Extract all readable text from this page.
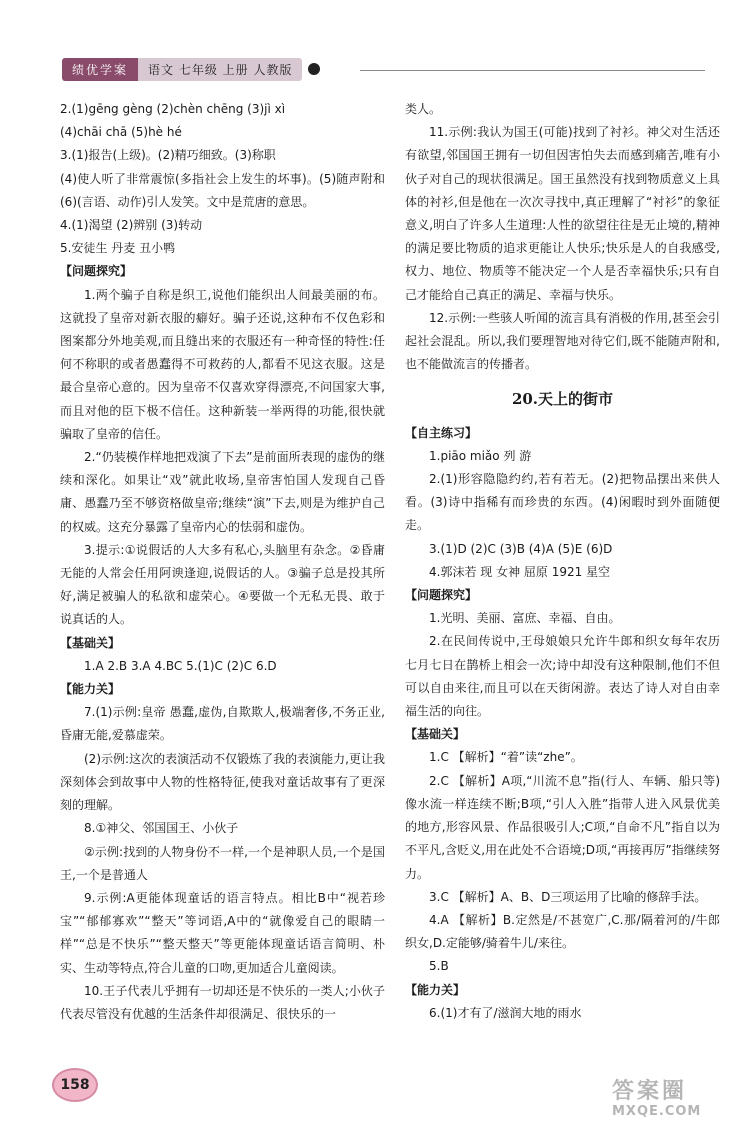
绩优学案	语文 七年级 上册 人教版

2.(1)gēng gèng (2)chèn chēng (3)jì xì

(4)chāi chā (5)hè hé

3.(1)报告(上级)。(2)精巧细致。(3)称职

(4)使人听了非常震惊(多指社会上发生的坏事)。(5)随声附和 (6)(言语、动作)引人发笑。文中是荒唐的意思。

4.(1)渴望 (2)辨别 (3)转动

5.安徒生 丹麦 丑小鸭

【问题探究】

1.两个骗子自称是织工,说他们能织出人间最美丽的布。这就投了皇帝对新衣服的癖好。骗子还说,这种布不仅色彩和图案都分外地美观,而且缝出来的衣服还有一种奇怪的特性:任何不称职的或者愚蠢得不可救药的人,都看不见这衣服。这是最合皇帝心意的。因为皇帝不仅喜欢穿得漂亮,不问国家大事,而且对他的臣下极不信任。这种新装一举两得的功能,很快就骗取了皇帝的信任。

2.“仍装模作样地把戏演了下去”是前面所表现的虚伪的继续和深化。如果让“戏”就此收场,皇帝害怕国人发现自己昏庸、愚蠢乃至不够资格做皇帝;继续“演”下去,则是为维护自己的权威。这充分暴露了皇帝内心的怯弱和虚伪。

3.提示:①说假话的人大多有私心,头脑里有杂念。②昏庸无能的人常会任用阿谀逢迎,说假话的人。③骗子总是投其所好,满足被骗人的私欲和虚荣心。④要做一个无私无畏、敢于说真话的人。

【基础关】

1.A 2.B 3.A 4.BC 5.(1)C (2)C 6.D

【能力关】

7.(1)示例:皇帝 愚蠢,虚伪,自欺欺人,极端奢侈,不务正业,昏庸无能,爱慕虚荣。

(2)示例:这次的表演活动不仅锻炼了我的表演能力,更让我深刻体会到故事中人物的性格特征,使我对童话故事有了更深刻的理解。

8.①神父、邻国国王、小伙子

②示例:找到的人物身份不一样,一个是神职人员,一个是国王,一个是普通人

9.示例:A更能体现童话的语言特点。相比B中“视若珍宝”“郁郁寡欢”“整天”等词语,A中的“就像爱自己的眼睛一样”“总是不快乐”“整天整天”等更能体现童话语言简明、朴实、生动等特点,符合儿童的口吻,更加适合儿童阅读。

10.王子代表儿乎拥有一切却还是不快乐的一类人;小伙子代表尽管没有优越的生活条件却很满足、很快乐的一

类人。

11.示例:我认为国王(可能)找到了衬衫。神父对生活还有欲望,邻国国王拥有一切但因害怕失去而感到痛苦,唯有小伙子对自己的现状很满足。国王虽然没有找到物质意义上具体的衬衫,但是他在一次次寻找中,真正理解了“衬衫”的象征意义,明白了许多人生道理:人性的欲望往往是无止境的,精神的满足要比物质的追求更能让人快乐;快乐是人的自我感受,权力、地位、物质等不能决定一个人是否幸福快乐;只有自己才能给自己真正的满足、幸福与快乐。

12.示例:一些骇人听闻的流言具有消极的作用,甚至会引起社会混乱。所以,我们要理智地对待它们,既不能随声附和,也不能做流言的传播者。

20.天上的街市

【自主练习】

1.piāo miǎo 列 游

2.(1)形容隐隐约约,若有若无。(2)把物品摆出来供人看。(3)诗中指稀有而珍贵的东西。(4)闲暇时到外面随便走。

3.(1)D (2)C (3)B (4)A (5)E (6)D

4.郭沫若 现 女神 屈原 1921 星空

【问题探究】

1.光明、美丽、富庶、幸福、自由。

2.在民间传说中,王母娘娘只允许牛郎和织女每年农历七月七日在鹊桥上相会一次;诗中却没有这种限制,他们不但可以自由来往,而且可以在天街闲游。表达了诗人对自由幸福生活的向往。

【基础关】

1.C 【解析】“着”读“zhe”。

2.C 【解析】A项,“川流不息”指(行人、车辆、船只等)像水流一样连续不断;B项,“引人入胜”指带人进入风景优美的地方,形容风景、作品很吸引人;C项,“自命不凡”指自以为不平凡,含贬义,用在此处不合语境;D项,“再接再厉”指继续努力。

3.C 【解析】A、B、D三项运用了比喻的修辞手法。

4.A 【解析】B.定然是/不甚宽广,C.那/隔着河的/牛郎织女,D.定能够/骑着牛儿/来往。

5.B

【能力关】

6.(1)才有了/滋润大地的雨水

158	答案圈
MXQE.COM
